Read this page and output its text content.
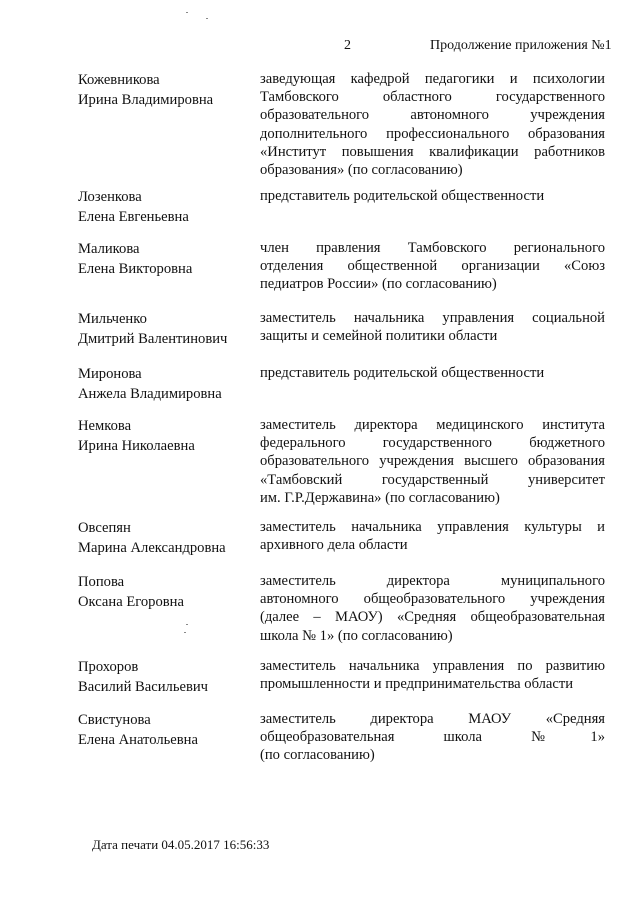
2	Продолжение приложения №1
Кожевникова
Ирина Владимировна
заведующая кафедрой педагогики и психологии
Тамбовского областного государственного
образовательного автономного учреждения
дополнительного профессионального образования
«Институт повышения квалификации работников
образования» (по согласованию)
Лозенкова
Елена Евгеньевна
представитель родительской общественности
Маликова
Елена Викторовна
член правления Тамбовского регионального
отделения общественной организации «Союз
педиатров России» (по согласованию)
Мильченко
Дмитрий Валентинович
заместитель начальника управления социальной
защиты и семейной политики области
Миронова
Анжела Владимировна
представитель родительской общественности
Немкова
Ирина Николаевна
заместитель директора медицинского института
федерального государственного бюджетного
образовательного учреждения высшего образования
«Тамбовский государственный университет
им. Г.Р.Державина» (по согласованию)
Овсепян
Марина Александровна
заместитель начальника управления культуры и
архивного дела области
Попова
Оксана Егоровна
заместитель директора муниципального
автономного общеобразовательного учреждения
(далее – МАОУ) «Средняя общеобразовательная
школа № 1» (по согласованию)
Прохоров
Василий Васильевич
заместитель начальника управления по развитию
промышленности и предпринимательства области
Свистунова
Елена Анатольевна
заместитель директора МАОУ «Средняя
общеобразовательная школа №1»
(по согласованию)
Дата печати 04.05.2017 16:56:33
